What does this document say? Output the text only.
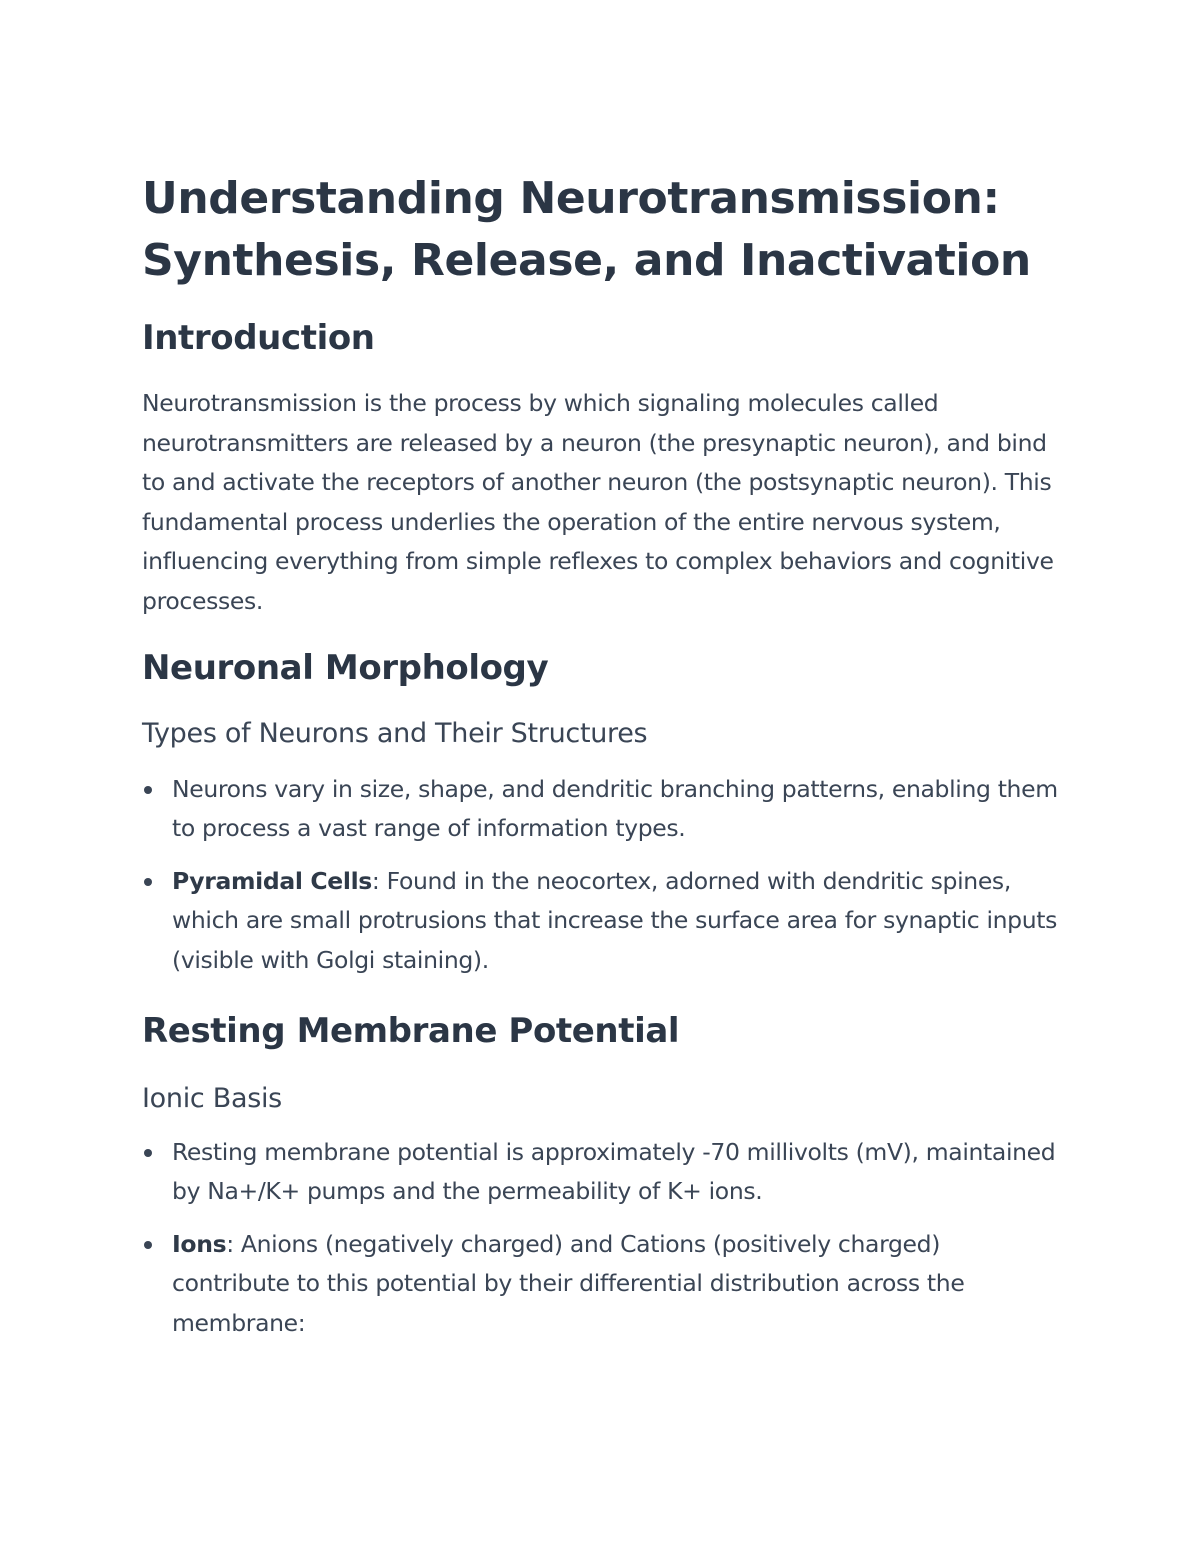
Understanding Neurotransmission: Synthesis, Release, and Inactivation
Introduction

Neurotransmission is the process by which signaling molecules called neurotransmitters are released by a neuron (the presynaptic neuron), and bind to and activate the receptors of another neuron (the postsynaptic neuron). This fundamental process underlies the operation of the entire nervous system, influencing everything from simple reflexes to complex behaviors and cognitive processes.

Neuronal Morphology
Types of Neurons and Their Structures
Neurons vary in size, shape, and dendritic branching patterns, enabling them to process a vast range of information types.
Pyramidal Cells: Found in the neocortex, adorned with dendritic spines, which are small protrusions that increase the surface area for synaptic inputs (visible with Golgi staining).
Resting Membrane Potential
Ionic Basis
Resting membrane potential is approximately -70 millivolts (mV), maintained by Na+/K+ pumps and the permeability of K+ ions.
Ions: Anions (negatively charged) and Cations (positively charged) contribute to this potential by their differential distribution across the membrane:
